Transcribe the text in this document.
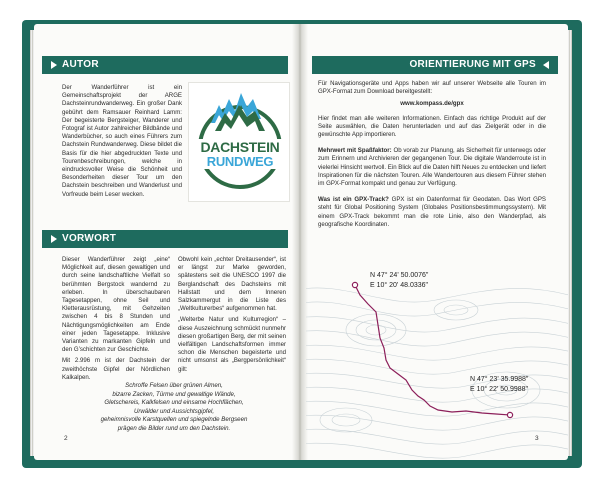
AUTOR

Der Wanderführer ist ein Gemeinschaftsprojekt der ARGE Dachsteinrundwanderweg. Ein großer Dank gebührt dem Ramsauer Reinhard Lamm: Der begeisterte Bergsteiger, Wanderer und Fotograf ist Autor zahlreicher Bildbände und Wanderbücher, so auch eines Führers zum Dachstein Rundwanderweg. Diese bildet die Basis für die hier abgedruckten Texte und Tourenbeschreibungen, welche in eindrucksvoller Weise die Schönheit und Besonderheiten dieser Tour um den Dachstein beschreiben und Wanderlust und Vorfreude beim Leser wecken.

DACHSTEIN
RUNDWEG
VORWORT

Dieser Wanderführer zeigt „eine“ Möglichkeit auf, diesen gewaltigen und durch seine landschaftliche Vielfalt so berühmten Bergstock wandernd zu erleben. In überschaubaren Tagesetappen, ohne Seil und Kletterausrüstung, mit Gehzeiten zwischen 4 bis 8 Stunden und Nächtigungsmöglichkeiten am Ende einer jeden Tagesetappe. Inklusive Varianten zu markanten Gipfeln und den G’schichten zur Geschichte.

Mit 2.996 m ist der Dachstein der zweithöchste Gipfel der Nördlichen Kalkalpen.

Obwohl kein „echter Dreitausender“, ist er längst zur Marke geworden, spätestens seit die UNESCO 1997 die Berglandschaft des Dachsteins mit Hallstatt und dem Inneren Salzkammergut in die Liste des „Weltkulturerbes“ aufgenommen hat.

„Welterbe Natur und Kulturregion“ – diese Auszeichnung schmückt nunmehr diesen großartigen Berg, der mit seinen vielfältigen Landschaftsformen immer schon die Menschen begeisterte und nicht umsonst als „Bergpersönlichkeit“ gilt:

Schroffe Felsen über grünen Almen,
bizarre Zacken, Türme und gewaltige Wände,
Gletschereis, Kalkfelsen und einsame Hochflächen,
Urwälder und Aussichtsgipfel,
geheimnisvolle Karstquellen und spiegelnde Bergseen
prägen die Bilder rund um den Dachstein.
2
ORIENTIERUNG MIT GPS

Für Navigationsgeräte und Apps haben wir auf unserer Webseite alle Touren im GPX-Format zum Download bereitgestellt:

www.kompass.de/gpx

Hier findet man alle weiteren Informationen. Einfach das richtige Produkt auf der Seite auswählen, die Daten herunterladen und auf das Zielgerät oder in die gewünschte App importieren.

Mehrwert mit Spaßfaktor: Ob vorab zur Planung, als Sicherheit für unterwegs oder zum Erinnern und Archivieren der gegangenen Tour. Die digitale Wanderroute ist in vielerlei Hinsicht wertvoll. Ein Blick auf die Daten hilft Neues zu entdecken und liefert Inspirationen für die nächsten Touren. Alle Wandertouren aus diesem Führer stehen im GPX-Format kompakt und genau zur Verfügung.

Was ist ein GPX-Track? GPX ist ein Datenformat für Geodaten. Das Wort GPS steht für Global Positioning System (Globales Positionsbestimmungssystem). Mit einem GPX-Track bekommt man die rote Linie, also den Wanderpfad, als geografische Koordinaten.

N 47° 24' 50.0076"
E 10° 20' 48.0336"
N 47° 23' 35.9988"
E 10° 22' 50.9988"
3
